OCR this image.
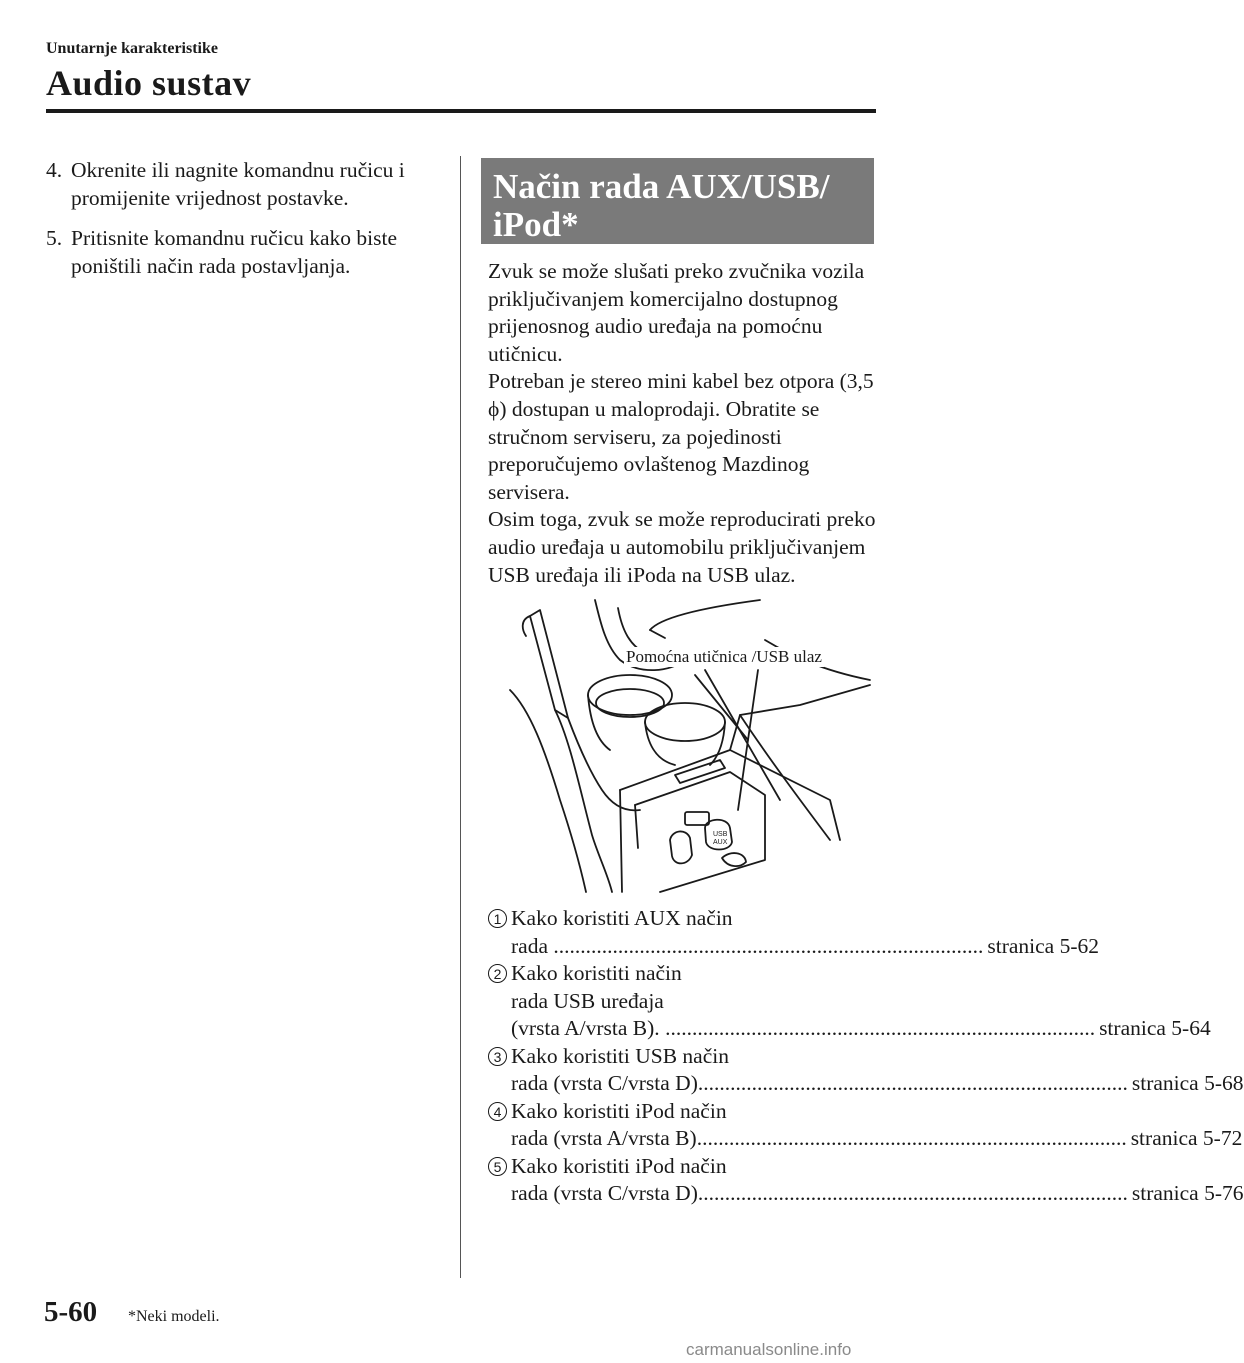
Unutarnje karakteristike
Audio sustav
4. Okrenite ili nagnite komandnu ručicu i promijenite vrijednost postavke.
5. Pritisnite komandnu ručicu kako biste poništili način rada postavljanja.
Način rada AUX/USB/
iPod*

Zvuk se može slušati preko zvučnika vozila priključivanjem komercijalno dostupnog prijenosnog audio uređaja na pomoćnu utičnicu.

Potreban je stereo mini kabel bez otpora (3,5 ϕ) dostupan u maloprodaji. Obratite se stručnom serviseru, za pojedinosti preporučujemo ovlaštenog Mazdinog servisera.

Osim toga, zvuk se može reproducirati preko audio uređaja u automobilu priključivanjem USB uređaja ili iPoda na USB ulaz.

USB
AUX
Pomoćna utičnica /USB ulaz
1 Kako koristiti AUX način
rada ................................................................................ stranica 5-62
2 Kako koristiti način
rada USB uređaja
(vrsta A/vrsta B). ................................................................................ stranica 5-64
3 Kako koristiti USB način
rada (vrsta C/vrsta D)................................................................................ stranica 5-68
4 Kako koristiti iPod način
rada (vrsta A/vrsta B)................................................................................ stranica 5-72
5 Kako koristiti iPod način
rada (vrsta C/vrsta D)................................................................................ stranica 5-76
5-60 *Neki modeli.
carmanualsonline.info
